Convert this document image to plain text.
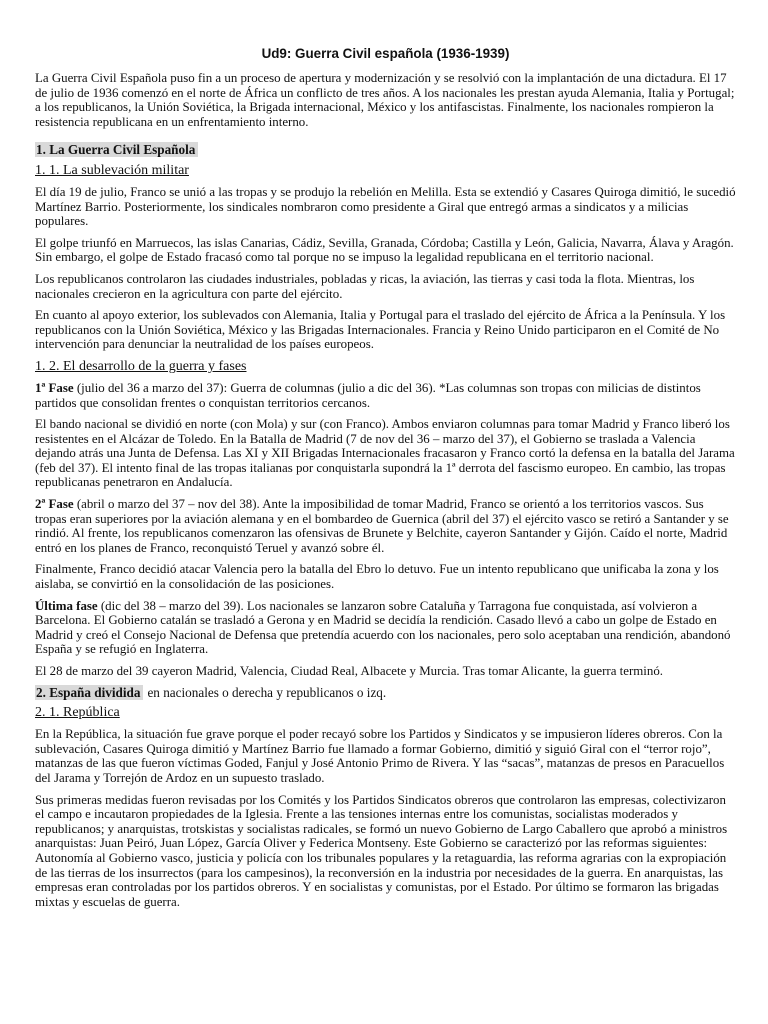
Ud9: Guerra Civil española (1936-1939)

La Guerra Civil Española puso fin a un proceso de apertura y modernización y se resolvió con la implantación de una dictadura. El 17 de julio de 1936 comenzó en el norte de África un conflicto de tres años. A los nacionales les prestan ayuda Alemania, Italia y Portugal; a los republicanos, la Unión Soviética, la Brigada internacional, México y los antifascistas. Finalmente, los nacionales rompieron la resistencia republicana en un enfrentamiento interno.

1. La Guerra Civil Española
1. 1. La sublevación militar

El día 19 de julio, Franco se unió a las tropas y se produjo la rebelión en Melilla. Esta se extendió y Casares Quiroga dimitió, le sucedió Martínez Barrio. Posteriormente, los sindicales nombraron como presidente a Giral que entregó armas a sindicatos y a milicias populares.

El golpe triunfó en Marruecos, las islas Canarias, Cádiz, Sevilla, Granada, Córdoba; Castilla y León, Galicia, Navarra, Álava y Aragón. Sin embargo, el golpe de Estado fracasó como tal porque no se impuso la legalidad republicana en el territorio nacional.

Los republicanos controlaron las ciudades industriales, pobladas y ricas, la aviación, las tierras y casi toda la flota. Mientras, los nacionales crecieron en la agricultura con parte del ejército.

En cuanto al apoyo exterior, los sublevados con Alemania, Italia y Portugal para el traslado del ejército de África a la Península. Y los republicanos con la Unión Soviética, México y las Brigadas Internacionales. Francia y Reino Unido participaron en el Comité de No intervención para denunciar la neutralidad de los países europeos.

1. 2. El desarrollo de la guerra y fases

1ª Fase (julio del 36 a marzo del 37): Guerra de columnas (julio a dic del 36). *Las columnas son tropas con milicias de distintos partidos que consolidan frentes o conquistan territorios cercanos.

El bando nacional se dividió en norte (con Mola) y sur (con Franco). Ambos enviaron columnas para tomar Madrid y Franco liberó los resistentes en el Alcázar de Toledo. En la Batalla de Madrid (7 de nov del 36 – marzo del 37), el Gobierno se traslada a Valencia dejando atrás una Junta de Defensa. Las XI y XII Brigadas Internacionales fracasaron y Franco cortó la defensa en la batalla del Jarama (feb del 37). El intento final de las tropas italianas por conquistarla supondrá la 1ª derrota del fascismo europeo. En cambio, las tropas republicanas penetraron en Andalucía.

2ª Fase (abril o marzo del 37 – nov del 38). Ante la imposibilidad de tomar Madrid, Franco se orientó a los territorios vascos. Sus tropas eran superiores por la aviación alemana y en el bombardeo de Guernica (abril del 37) el ejército vasco se retiró a Santander y se rindió. Al frente, los republicanos comenzaron las ofensivas de Brunete y Belchite, cayeron Santander y Gijón. Caído el norte, Madrid entró en los planes de Franco, reconquistó Teruel y avanzó sobre él.

Finalmente, Franco decidió atacar Valencia pero la batalla del Ebro lo detuvo. Fue un intento republicano que unificaba la zona y los aislaba, se convirtió en la consolidación de las posiciones.

Última fase (dic del 38 – marzo del 39). Los nacionales se lanzaron sobre Cataluña y Tarragona fue conquistada, así volvieron a Barcelona. El Gobierno catalán se trasladó a Gerona y en Madrid se decidía la rendición. Casado llevó a cabo un golpe de Estado en Madrid y creó el Consejo Nacional de Defensa que pretendía acuerdo con los nacionales, pero solo aceptaban una rendición, abandonó España y se refugió en Inglaterra.

El 28 de marzo del 39 cayeron Madrid, Valencia, Ciudad Real, Albacete y Murcia. Tras tomar Alicante, la guerra terminó.

2. España dividida en nacionales o derecha y republicanos o izq.
2. 1. República

En la República, la situación fue grave porque el poder recayó sobre los Partidos y Sindicatos y se impusieron líderes obreros. Con la sublevación, Casares Quiroga dimitió y Martínez Barrio fue llamado a formar Gobierno, dimitió y siguió Giral con el “terror rojo”, matanzas de las que fueron víctimas Goded, Fanjul y José Antonio Primo de Rivera. Y las “sacas”, matanzas de presos en Paracuellos del Jarama y Torrejón de Ardoz en un supuesto traslado.

Sus primeras medidas fueron revisadas por los Comités y los Partidos Sindicatos obreros que controlaron las empresas, colectivizaron el campo e incautaron propiedades de la Iglesia. Frente a las tensiones internas entre los comunistas, socialistas moderados y republicanos; y anarquistas, trotskistas y socialistas radicales, se formó un nuevo Gobierno de Largo Caballero que aprobó a ministros anarquistas: Juan Peiró, Juan López, García Oliver y Federica Montseny. Este Gobierno se caracterizó por las reformas siguientes: Autonomía al Gobierno vasco, justicia y policía con los tribunales populares y la retaguardia, las reforma agrarias con la expropiación de las tierras de los insurrectos (para los campesinos), la reconversión en la industria por necesidades de la guerra. En anarquistas, las empresas eran controladas por los partidos obreros. Y en socialistas y comunistas, por el Estado. Por último se formaron las brigadas mixtas y escuelas de guerra.
